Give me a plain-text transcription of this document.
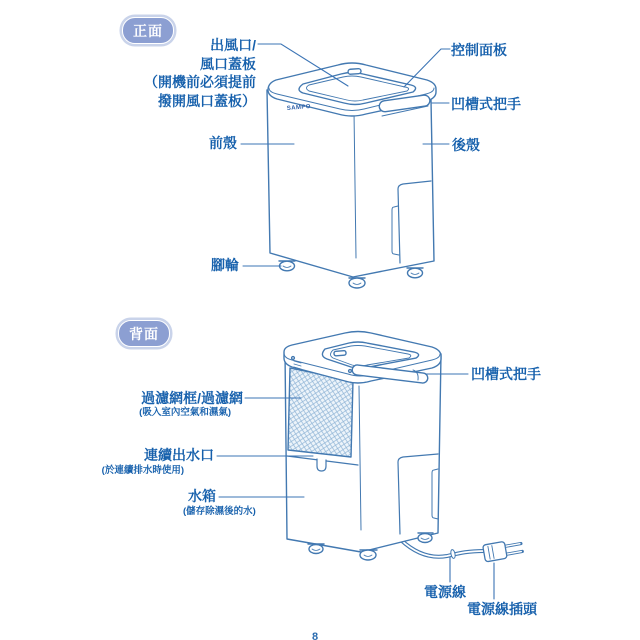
SAMPO
正面
出風口/
風口蓋板
（開機前必須提前
撥開風口蓋板）
控制面板
凹槽式把手
後殼
前殼
腳輪
背面
凹槽式把手
過濾網框/過濾網
(吸入室內空氣和濕氣)
連續出水口
(於連續排水時使用)
水箱
(儲存除濕後的水)
電源線
電源線插頭
8
